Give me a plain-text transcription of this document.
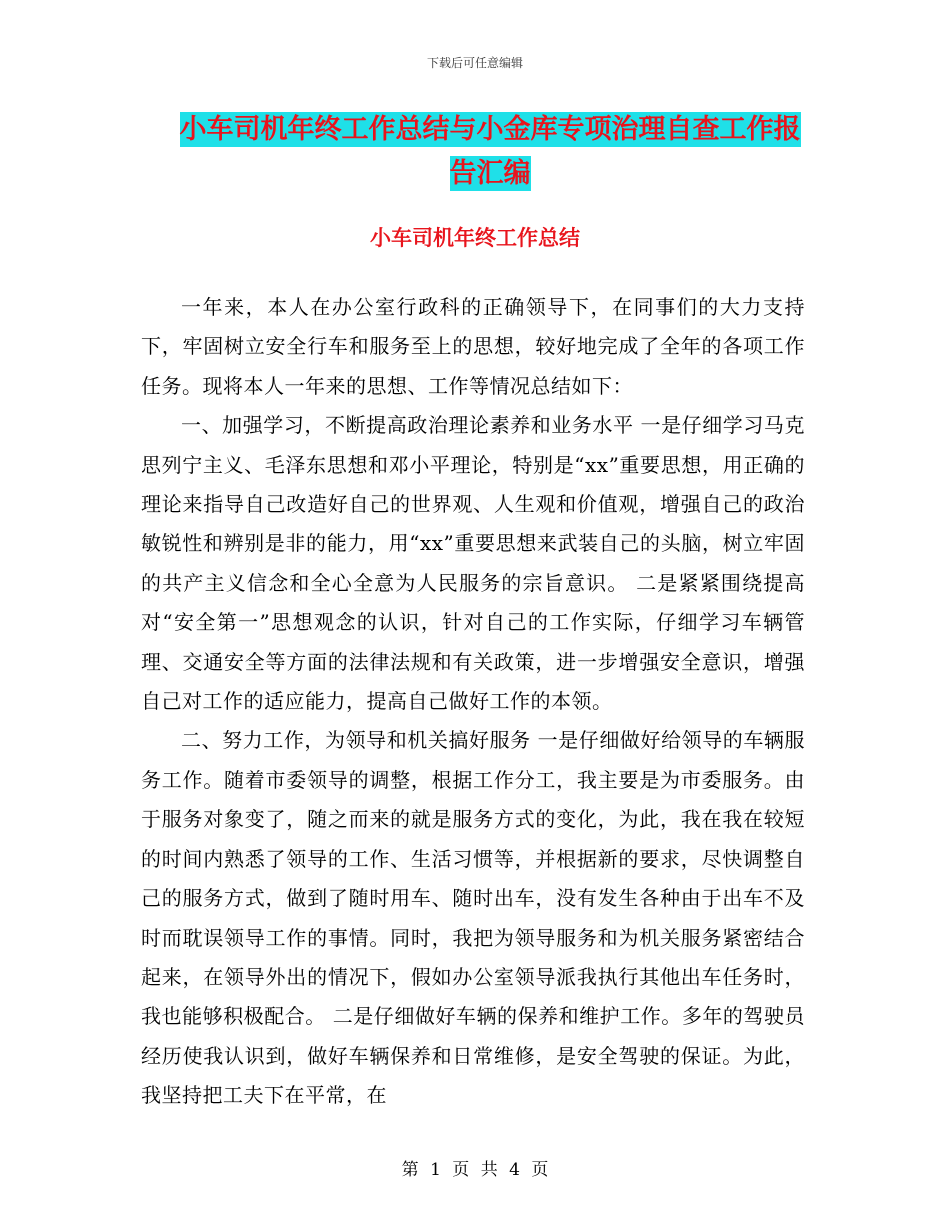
下载后可任意编辑
小车司机年终工作总结与小金库专项治理自查工作报
告汇编
小车司机年终工作总结

一年来，本人在办公室行政科的正确领导下，在同事们的大力支持下，牢固树立安全行车和服务至上的思想，较好地完成了全年的各项工作任务。现将本人一年来的思想、工作等情况总结如下：

一、加强学习，不断提高政治理论素养和业务水平 一是仔细学习马克思列宁主义、毛泽东思想和邓小平理论，特别是“xx”重要思想，用正确的理论来指导自己改造好自己的世界观、人生观和价值观，增强自己的政治敏锐性和辨别是非的能力，用“xx”重要思想来武装自己的头脑，树立牢固的共产主义信念和全心全意为人民服务的宗旨意识。 二是紧紧围绕提高对“安全第一”思想观念的认识，针对自己的工作实际，仔细学习车辆管理、交通安全等方面的法律法规和有关政策，进一步增强安全意识，增强自己对工作的适应能力，提高自己做好工作的本领。

二、努力工作，为领导和机关搞好服务 一是仔细做好给领导的车辆服务工作。随着市委领导的调整，根据工作分工，我主要是为市委服务。由于服务对象变了，随之而来的就是服务方式的变化，为此，我在我在较短的时间内熟悉了领导的工作、生活习惯等，并根据新的要求，尽快调整自己的服务方式，做到了随时用车、随时出车，没有发生各种由于出车不及时而耽误领导工作的事情。同时，我把为领导服务和为机关服务紧密结合起来，在领导外出的情况下，假如办公室领导派我执行其他出车任务时，我也能够积极配合。 二是仔细做好车辆的保养和维护工作。多年的驾驶员经历使我认识到，做好车辆保养和日常维修，是安全驾驶的保证。为此，我坚持把工夫下在平常，在

第 1 页 共 4 页
